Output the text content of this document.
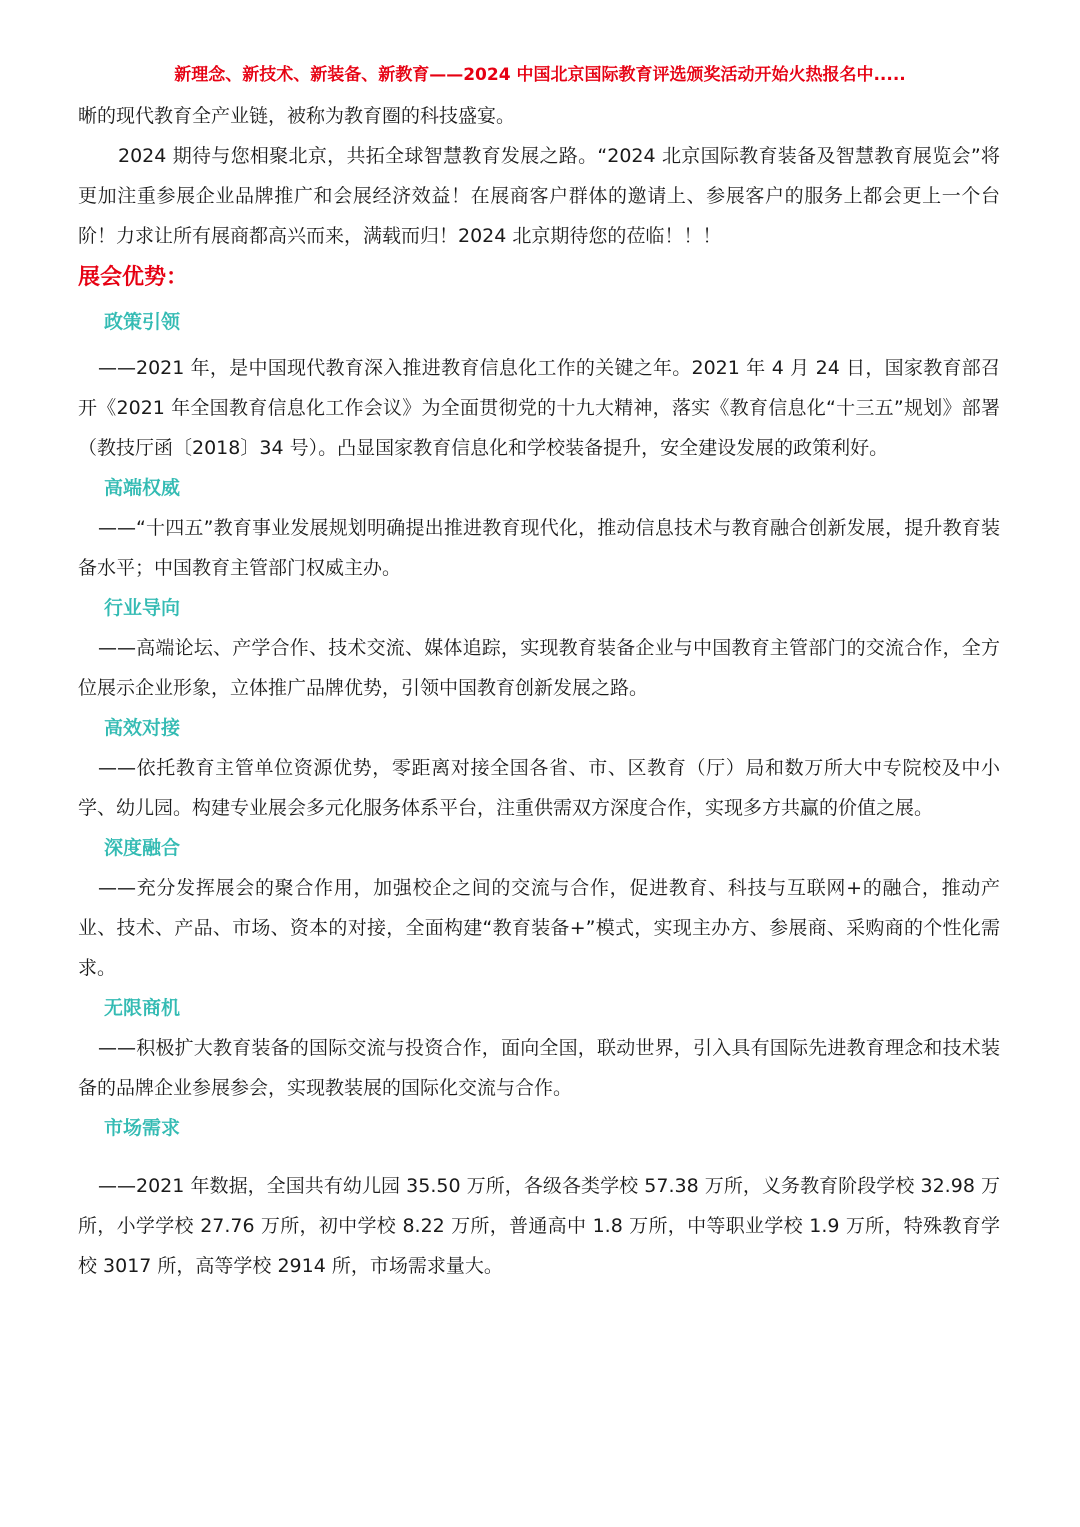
新理念、新技术、新装备、新教育——2024 中国北京国际教育评选颁奖活动开始火热报名中.....

晰的现代教育全产业链，被称为教育圈的科技盛宴。

2024 期待与您相聚北京，共拓全球智慧教育发展之路。“2024 北京国际教育装备及智慧教育展览会”将更加注重参展企业品牌推广和会展经济效益！在展商客户群体的邀请上、参展客户的服务上都会更上一个台阶！力求让所有展商都高兴而来，满载而归！2024 北京期待您的莅临！！！

展会优势：
政策引领

——2021 年，是中国现代教育深入推进教育信息化工作的关键之年。2021 年 4 月 24 日，国家教育部召开《2021 年全国教育信息化工作会议》为全面贯彻党的十九大精神，落实《教育信息化“十三五”规划》部署（教技厅函〔2018〕34 号）。凸显国家教育信息化和学校装备提升，安全建设发展的政策利好。

高端权威

——“十四五”教育事业发展规划明确提出推进教育现代化，推动信息技术与教育融合创新发展，提升教育装备水平；中国教育主管部门权威主办。

行业导向

——高端论坛、产学合作、技术交流、媒体追踪，实现教育装备企业与中国教育主管部门的交流合作，全方位展示企业形象，立体推广品牌优势，引领中国教育创新发展之路。

高效对接

——依托教育主管单位资源优势，零距离对接全国各省、市、区教育（厅）局和数万所大中专院校及中小学、幼儿园。构建专业展会多元化服务体系平台，注重供需双方深度合作，实现多方共赢的价值之展。

深度融合

——充分发挥展会的聚合作用，加强校企之间的交流与合作，促进教育、科技与互联网+的融合，推动产业、技术、产品、市场、资本的对接，全面构建“教育装备+”模式，实现主办方、参展商、采购商的个性化需求。

无限商机

——积极扩大教育装备的国际交流与投资合作，面向全国，联动世界，引入具有国际先进教育理念和技术装备的品牌企业参展参会，实现教装展的国际化交流与合作。

市场需求

——2021 年数据，全国共有幼儿园 35.50 万所，各级各类学校 57.38 万所，义务教育阶段学校 32.98 万所，小学学校 27.76 万所，初中学校 8.22 万所，普通高中 1.8 万所，中等职业学校 1.9 万所，特殊教育学校 3017 所，高等学校 2914 所，市场需求量大。
